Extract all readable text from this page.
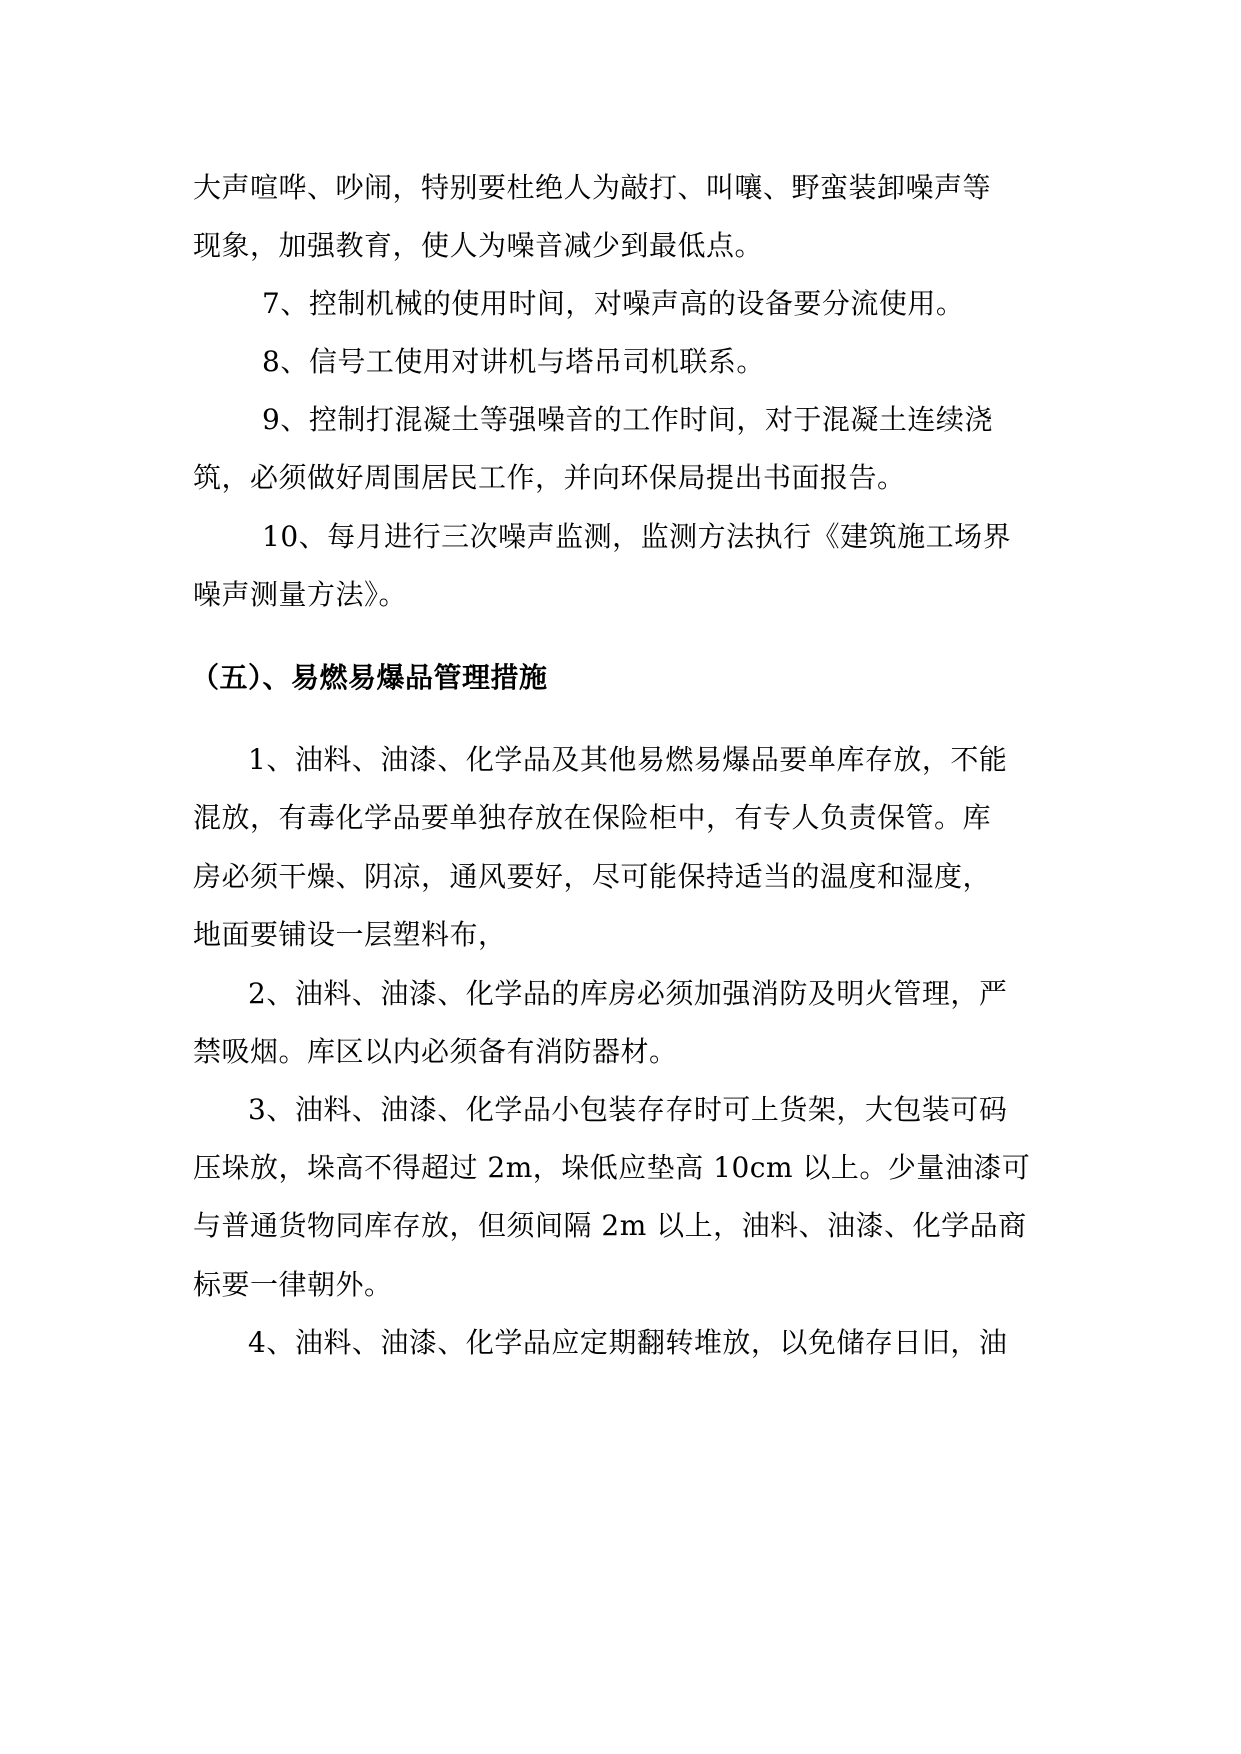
大声喧哗、吵闹，特别要杜绝人为敲打、叫嚷、野蛮装卸噪声等
现象，加强教育，使人为噪音减少到最低点。
7、控制机械的使用时间，对噪声高的设备要分流使用。
8、信号工使用对讲机与塔吊司机联系。
9、控制打混凝土等强噪音的工作时间，对于混凝土连续浇
筑，必须做好周围居民工作，并向环保局提出书面报告。
10、每月进行三次噪声监测，监测方法执行《建筑施工场界
噪声测量方法》。
（五）、易燃易爆品管理措施
1、油料、油漆、化学品及其他易燃易爆品要单库存放，不能
混放，有毒化学品要单独存放在保险柜中，有专人负责保管。库
房必须干燥、阴凉，通风要好，尽可能保持适当的温度和湿度，
地面要铺设一层塑料布，
2、油料、油漆、化学品的库房必须加强消防及明火管理，严
禁吸烟。库区以内必须备有消防器材。
3、油料、油漆、化学品小包装存存时可上货架，大包装可码
压垛放，垛高不得超过 2m，垛低应垫高 10cm 以上。少量油漆可
与普通货物同库存放，但须间隔 2m 以上，油料、油漆、化学品商
标要一律朝外。
4、油料、油漆、化学品应定期翻转堆放，以免储存日旧，油
